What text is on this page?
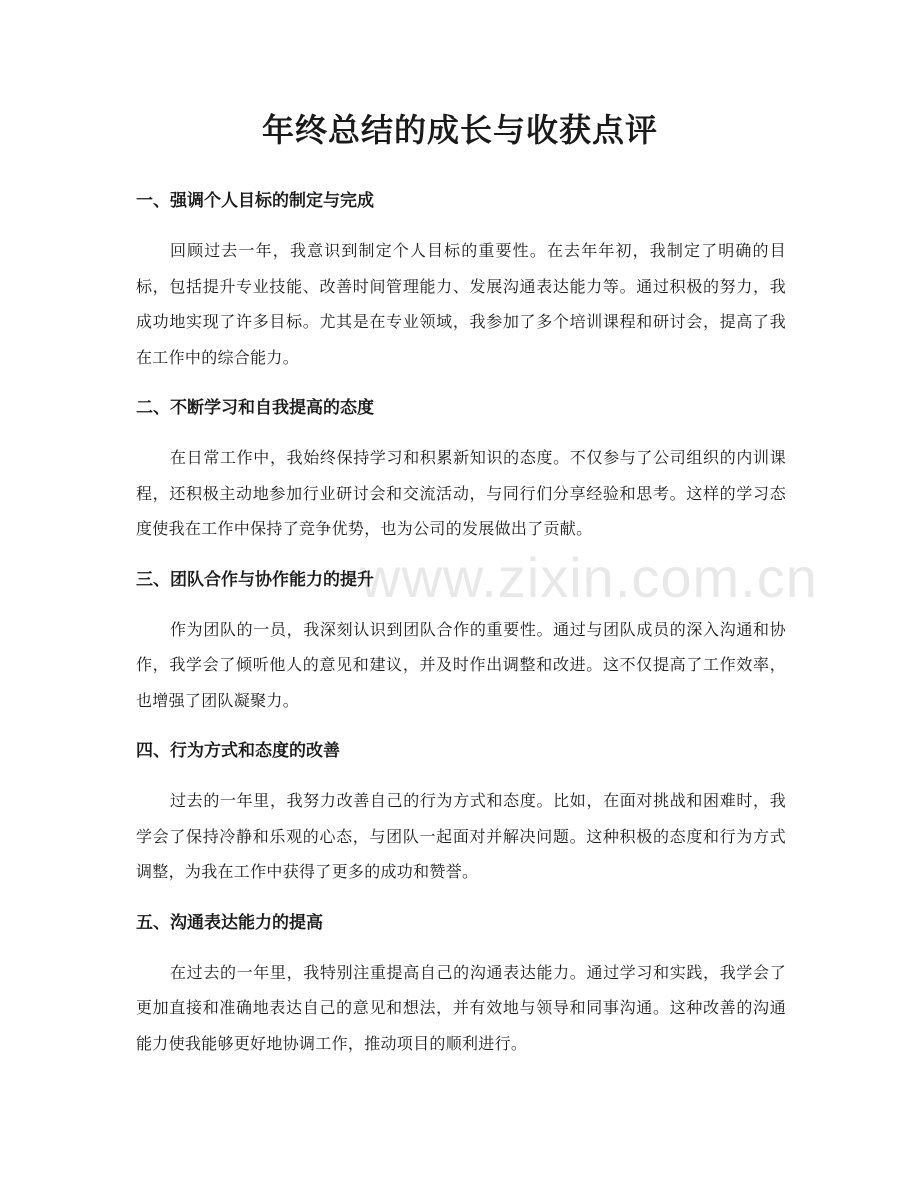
年终总结的成长与收获点评
一、强调个人目标的制定与完成

回顾过去一年，我意识到制定个人目标的重要性。在去年年初，我制定了明确的目标，包括提升专业技能、改善时间管理能力、发展沟通表达能力等。通过积极的努力，我成功地实现了许多目标。尤其是在专业领域，我参加了多个培训课程和研讨会，提高了我在工作中的综合能力。

二、不断学习和自我提高的态度

在日常工作中，我始终保持学习和积累新知识的态度。不仅参与了公司组织的内训课程，还积极主动地参加行业研讨会和交流活动，与同行们分享经验和思考。这样的学习态度使我在工作中保持了竞争优势，也为公司的发展做出了贡献。

三、团队合作与协作能力的提升

作为团队的一员，我深刻认识到团队合作的重要性。通过与团队成员的深入沟通和协作，我学会了倾听他人的意见和建议，并及时作出调整和改进。这不仅提高了工作效率，也增强了团队凝聚力。

四、行为方式和态度的改善

过去的一年里，我努力改善自己的行为方式和态度。比如，在面对挑战和困难时，我学会了保持冷静和乐观的心态，与团队一起面对并解决问题。这种积极的态度和行为方式调整，为我在工作中获得了更多的成功和赞誉。

五、沟通表达能力的提高

在过去的一年里，我特别注重提高自己的沟通表达能力。通过学习和实践，我学会了更加直接和准确地表达自己的意见和想法，并有效地与领导和同事沟通。这种改善的沟通能力使我能够更好地协调工作，推动项目的顺利进行。

www.zixin.com.cn
